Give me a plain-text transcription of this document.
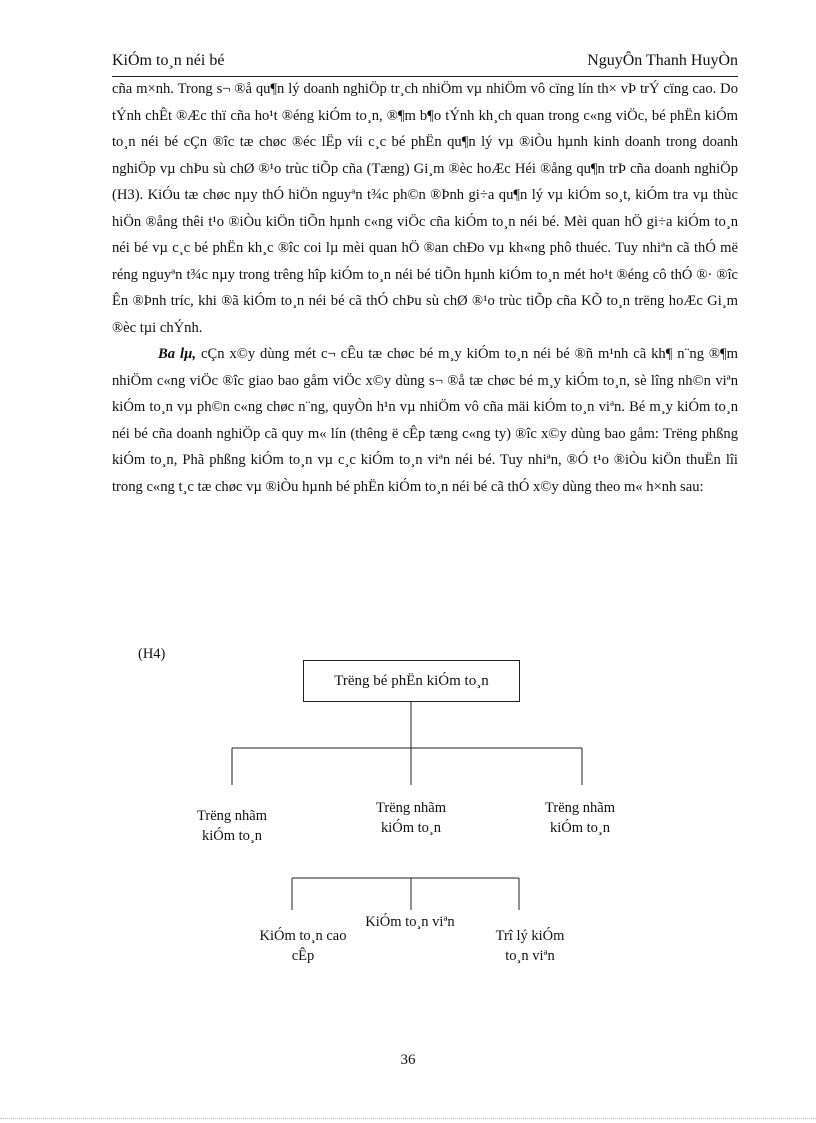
KiÓm to¸n néi bé	NguyÔn Thanh HuyÒn

cña m×nh. Trong s¬ ®å qu¶n lý doanh nghiÖp tr¸ch nhiÖm vµ nhiÖm vô cïng lín th× vÞ trÝ cïng cao. Do tÝnh chÊt ®Æc thï cña ho¹t ®éng kiÓm to¸n, ®¶m b¶o tÝnh kh¸ch quan trong c«ng viÖc, bé phËn kiÓm to¸n néi bé cÇn ®îc tæ chøc ®éc lËp víi c¸c bé phËn qu¶n lý vµ ®iÒu hµnh kinh doanh trong doanh nghiÖp vµ chÞu sù chØ ®¹o trùc tiÕp cña (Tæng) Gi¸m ®èc hoÆc Héi ®ång qu¶n trÞ cña doanh nghiÖp (H3). KiÓu tæ chøc nµy thÓ hiÖn nguyªn t¾c ph©n ®Þnh gi÷a qu¶n lý vµ kiÓm so¸t, kiÓm tra vµ thùc hiÖn ®ång thêi t¹o ®iÒu kiÖn tiÕn hµnh c«ng viÖc cña kiÓm to¸n néi bé. Mèi quan hÖ gi÷a kiÓm to¸n néi bé vµ c¸c bé phËn kh¸c ®îc coi lµ mèi quan hÖ ®an chÐo vµ kh«ng phô thuéc. Tuy nhiªn cã thÓ më réng nguyªn t¾c nµy trong trêng hîp kiÓm to¸n néi bé tiÕn hµnh kiÓm to¸n mét ho¹t ®éng cô thÓ ®· ®îc Ên ®Þnh tríc, khi ®ã kiÓm to¸n néi bé cã thÓ chÞu sù chØ ®¹o trùc tiÕp cña KÕ to¸n trëng hoÆc Gi¸m ®èc tµi chÝnh.

Ba lµ, cÇn x©y dùng mét c¬ cÊu tæ chøc bé m¸y kiÓm to¸n néi bé ®ñ m¹nh cã kh¶ n¨ng ®¶m nhiÖm c«ng viÖc ®îc giao bao gåm viÖc x©y dùng s¬ ®å tæ chøc bé m¸y kiÓm to¸n, sè lîng nh©n viªn kiÓm to¸n vµ ph©n c«ng chøc n¨ng, quyÒn h¹n vµ nhiÖm vô cña mäi kiÓm to¸n viªn. Bé m¸y kiÓm to¸n néi bé cña doanh nghiÖp cã quy m« lín (thêng ë cÊp tæng c«ng ty) ®îc x©y dùng bao gåm: Trëng phßng kiÓm to¸n, Phã phßng kiÓm to¸n vµ c¸c kiÓm to¸n viªn néi bé. Tuy nhiªn, ®Ó t¹o ®iÒu kiÖn thuËn lîi trong c«ng t¸c tæ chøc vµ ®iÒu hµnh bé phËn kiÓm to¸n néi bé cã thÓ x©y dùng theo m« h×nh sau:

(H4)
Trëng bé phËn kiÓm to¸n
Trëng nhãm kiÓm to¸n
Trëng nhãm kiÓm to¸n
Trëng nhãm kiÓm to¸n
KiÓm to¸n cao cÊp
KiÓm to¸n viªn
Trî lý kiÓm to¸n viªn
36
